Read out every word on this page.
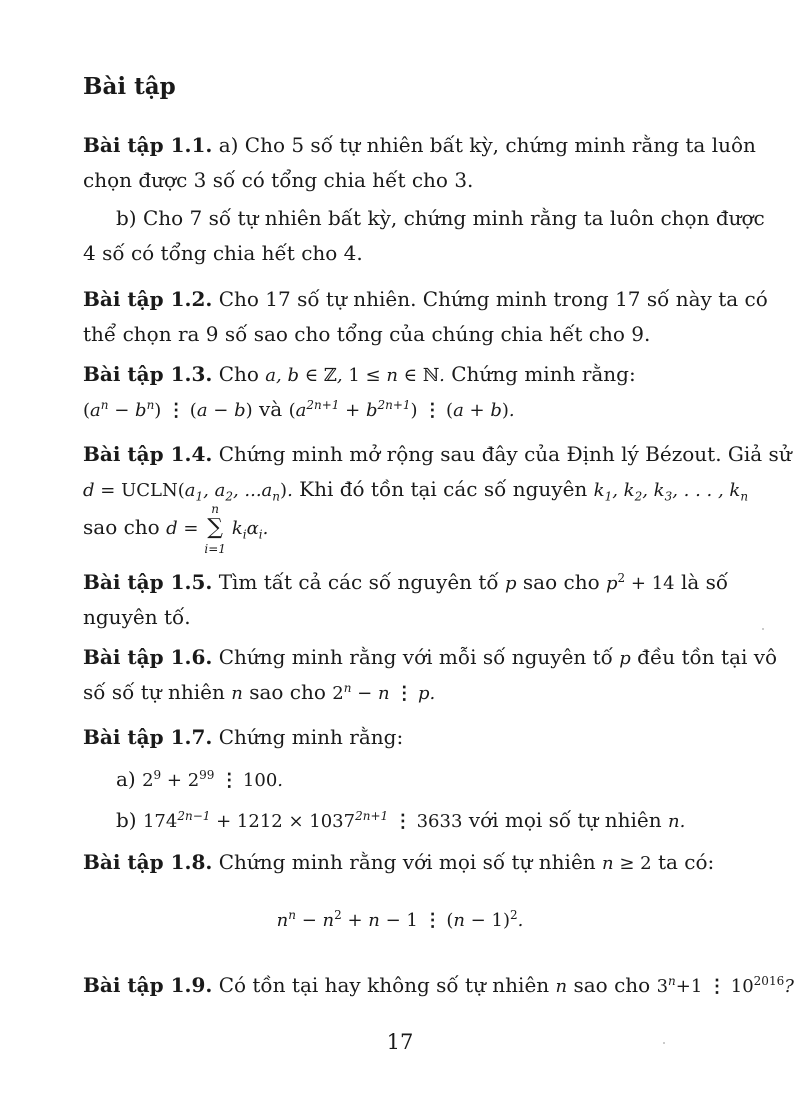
Bài tập
Bài tập 1.1. a) Cho 5 số tự nhiên bất kỳ, chứng minh rằng ta luôn
chọn được 3 số có tổng chia hết cho 3.
b) Cho 7 số tự nhiên bất kỳ, chứng minh rằng ta luôn chọn được
4 số có tổng chia hết cho 4.
Bài tập 1.2. Cho 17 số tự nhiên. Chứng minh trong 17 số này ta có
thể chọn ra 9 số sao cho tổng của chúng chia hết cho 9.
Bài tập 1.3. Cho a, b ∈ ℤ, 1 ≤ n ∈ ℕ. Chứng minh rằng:
$(a^n - b^n)$ ⋮ (a − b) và $(a^{2n+1} + b^{2n+1})$ ⋮ (a + b).
Bài tập 1.4. Chứng minh mở rộng sau đây của Định lý Bézout. Giả sử
$d = UCLN(a_1$, $a_2$, $...a_n$). Khi đó tồn tại các số nguyên $k_1$, $k_2$, $k_3$, . . . , $k_n$
sao cho d =
n
∑
i=1
$k_i\alpha_i$.
Bài tập 1.5. Tìm tất cả các số nguyên tố p sao cho $p^2 + 14$ là số
nguyên tố.
Bài tập 1.6. Chứng minh rằng với mỗi số nguyên tố p đều tồn tại vô
số số tự nhiên n sao cho $2^n - n$ ⋮ p.
Bài tập 1.7. Chứng minh rằng:
a) $2^9 + 2^{99}$ ⋮ 100.
b) $174^{2n-1} + 1212 \times 1037^{2n+1}$ ⋮ 3633 với mọi số tự nhiên n.
Bài tập 1.8. Chứng minh rằng với mọi số tự nhiên n ≥ 2 ta có:
$n^n - n^2 + n - 1$ ⋮ $(n - 1)^2$.
Bài tập 1.9. Có tồn tại hay không số tự nhiên n sao cho $3^n+1$ ⋮ $10^{2016}$?
17
